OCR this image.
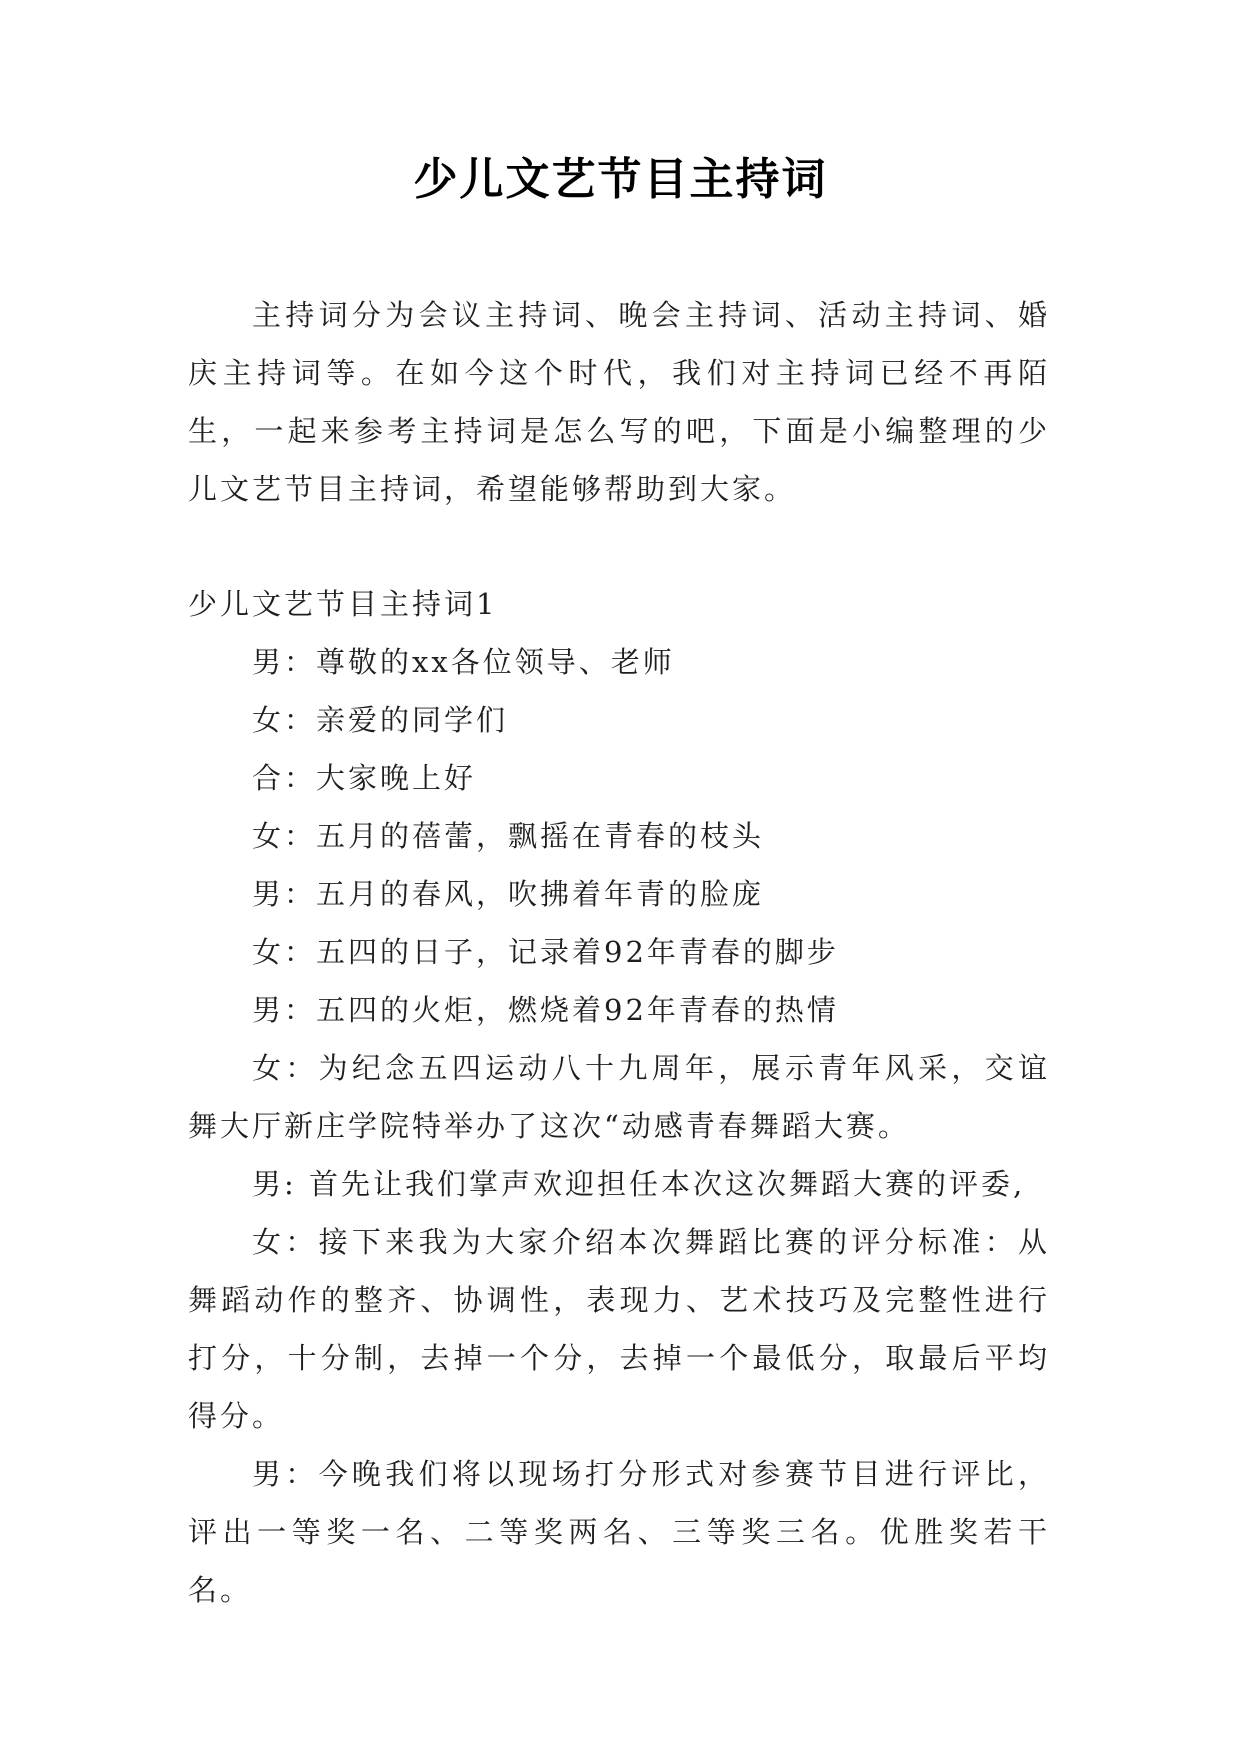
少儿文艺节目主持词

主持词分为会议主持词、晚会主持词、活动主持词、婚庆主持词等。在如今这个时代，我们对主持词已经不再陌生，一起来参考主持词是怎么写的吧，下面是小编整理的少儿文艺节目主持词，希望能够帮助到大家。

少儿文艺节目主持词1

男：尊敬的xx各位领导、老师

女：亲爱的同学们

合：大家晚上好

女：五月的蓓蕾，飘摇在青春的枝头

男：五月的春风，吹拂着年青的脸庞

女：五四的日子，记录着92年青春的脚步

男：五四的火炬，燃烧着92年青春的热情

女：为纪念五四运动八十九周年，展示青年风采，交谊舞大厅新庄学院特举办了这次“动感青春舞蹈大赛。

男: 首先让我们掌声欢迎担任本次这次舞蹈大赛的评委,

女：接下来我为大家介绍本次舞蹈比赛的评分标准：从舞蹈动作的整齐、协调性，表现力、艺术技巧及完整性进行打分，十分制，去掉一个分，去掉一个最低分，取最后平均得分。

男：今晚我们将以现场打分形式对参赛节目进行评比，评出一等奖一名、二等奖两名、三等奖三名。优胜奖若干名。
